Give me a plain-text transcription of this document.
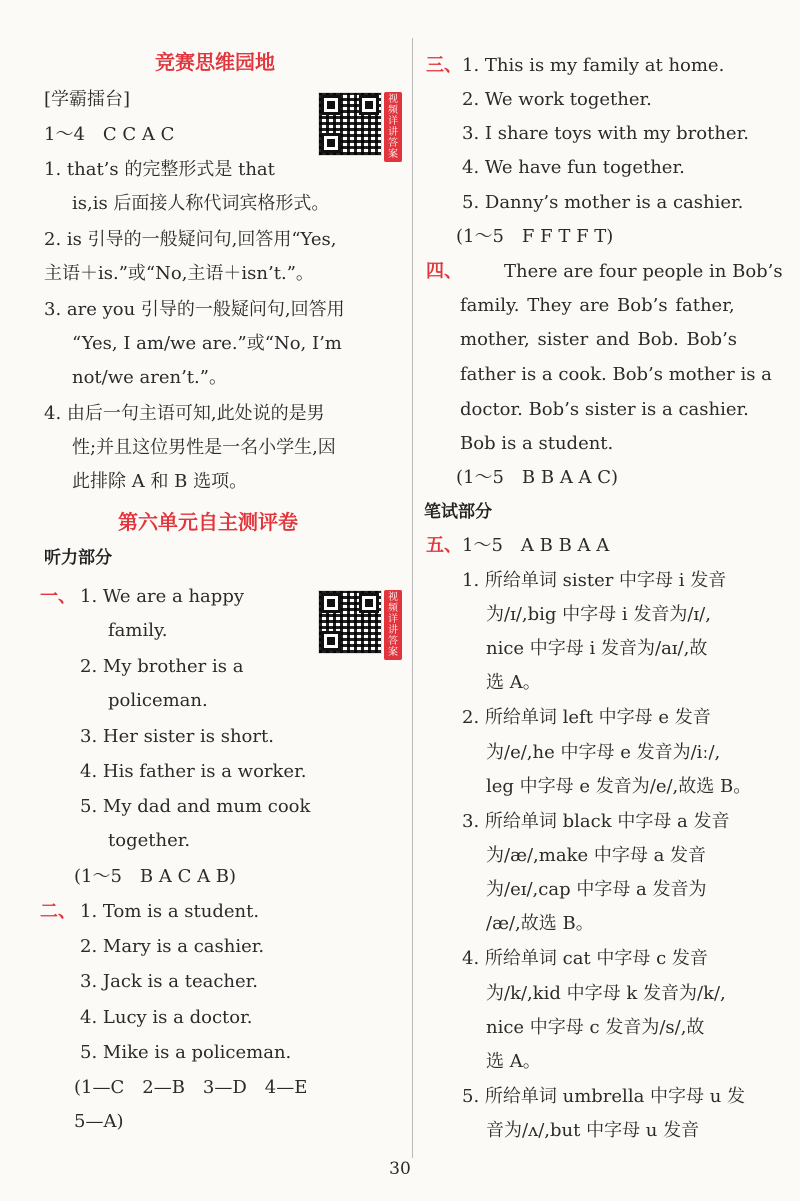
竞赛思维园地
[学霸擂台]	视
频
详
讲
答
案
1～4　C C A C
1. that’s 的完整形式是 that
is,is 后面接人称代词宾格形式。
2. is 引导的一般疑问句,回答用“Yes,
主语＋is.”或“No,主语＋isn’t.”。
3. are you 引导的一般疑问句,回答用
“Yes, I am/we are.”或“No, I’m
not/we aren’t.”。
4. 由后一句主语可知,此处说的是男
性;并且这位男性是一名小学生,因
此排除 A 和 B 选项。
第六单元自主测评卷
听力部分
视
频
详
讲
答
案
一、 1. We are a happy
family.
2. My brother is a
policeman.
3. Her sister is short.
4. His father is a worker.
5. My dad and mum cook
together.
(1～5　B A C A B)
二、 1. Tom is a student.
2. Mary is a cashier.
3. Jack is a teacher.
4. Lucy is a doctor.
5. Mike is a policeman.
(1—C　2—B　3—D　4—E
5—A)
三、 1. This is my family at home.
2. We work together.
3. I share toys with my brother.
4. We have fun together.
5. Danny’s mother is a cashier.
(1～5　F F T F T)
四、 There are four people in Bob’s
family. They are Bob’s father,
mother, sister and Bob. Bob’s
father is a cook. Bob’s mother is a
doctor. Bob’s sister is a cashier.
Bob is a student.
(1～5　B B A A C)
笔试部分
五、 1～5　A B B A A
1. 所给单词 sister 中字母 i 发音
为/ɪ/,big 中字母 i 发音为/ɪ/,
nice 中字母 i 发音为/aɪ/,故
选 A。
2. 所给单词 left 中字母 e 发音
为/e/,he 中字母 e 发音为/iː/,
leg 中字母 e 发音为/e/,故选 B。
3. 所给单词 black 中字母 a 发音
为/æ/,make 中字母 a 发音
为/eɪ/,cap 中字母 a 发音为
/æ/,故选 B。
4. 所给单词 cat 中字母 c 发音
为/k/,kid 中字母 k 发音为/k/,
nice 中字母 c 发音为/s/,故
选 A。
5. 所给单词 umbrella 中字母 u 发
音为/ʌ/,but 中字母 u 发音
30
